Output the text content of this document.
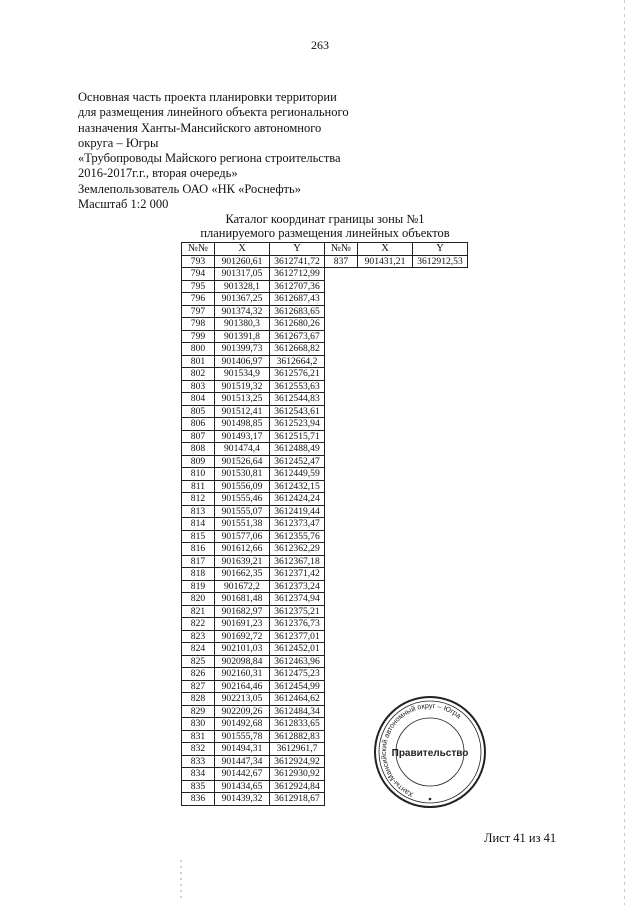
263
Основная часть проекта планировки территории
для размещения линейного объекта регионального
назначения Ханты-Мансийского автономного
округа – Югры
«Трубопроводы Майского региона строительства
2016-2017г.г., вторая очередь»
Землепользователь ОАО «НК «Роснефть»
Масштаб 1:2 000
Каталог координат границы зоны №1
планируемого размещения линейных объектов
№№	X	Y	№№	X	Y
793	901260,61	3612741,72	837	901431,21	3612912,53
794	901317,05	3612712,99			
795	901328,1	3612707,36			
796	901367,25	3612687,43			
797	901374,32	3612683,65			
798	901380,3	3612680,26			
799	901391,8	3612673,67			
800	901399,73	3612668,82			
801	901406,97	3612664,2			
802	901534,9	3612576,21			
803	901519,32	3612553,63			
804	901513,25	3612544,83			
805	901512,41	3612543,61			
806	901498,85	3612523,94			
807	901493,17	3612515,71			
808	901474,4	3612488,49			
809	901526,64	3612452,47			
810	901530,81	3612449,59			
811	901556,09	3612432,15			
812	901555,46	3612424,24			
813	901555,07	3612419,44			
814	901551,38	3612373,47			
815	901577,06	3612355,76			
816	901612,66	3612362,29			
817	901639,21	3612367,18			
818	901662,35	3612371,42			
819	901672,2	3612373,24			
820	901681,48	3612374,94			
821	901682,97	3612375,21			
822	901691,23	3612376,73			
823	901692,72	3612377,01			
824	902101,03	3612452,01			
825	902098,84	3612463,96			
826	902160,31	3612475,23			
827	902164,46	3612454,99			
828	902213,05	3612464,62			
829	902209,26	3612484,34			
830	901492,68	3612833,65			
831	901555,78	3612882,83			
832	901494,31	3612961,7			
833	901447,34	3612924,92			
834	901442,67	3612930,92			
835	901434,65	3612924,84			
836	901439,32	3612918,67				Ханты-Мансийский автономный округ – Югра
Правительство
Лист 41 из 41
